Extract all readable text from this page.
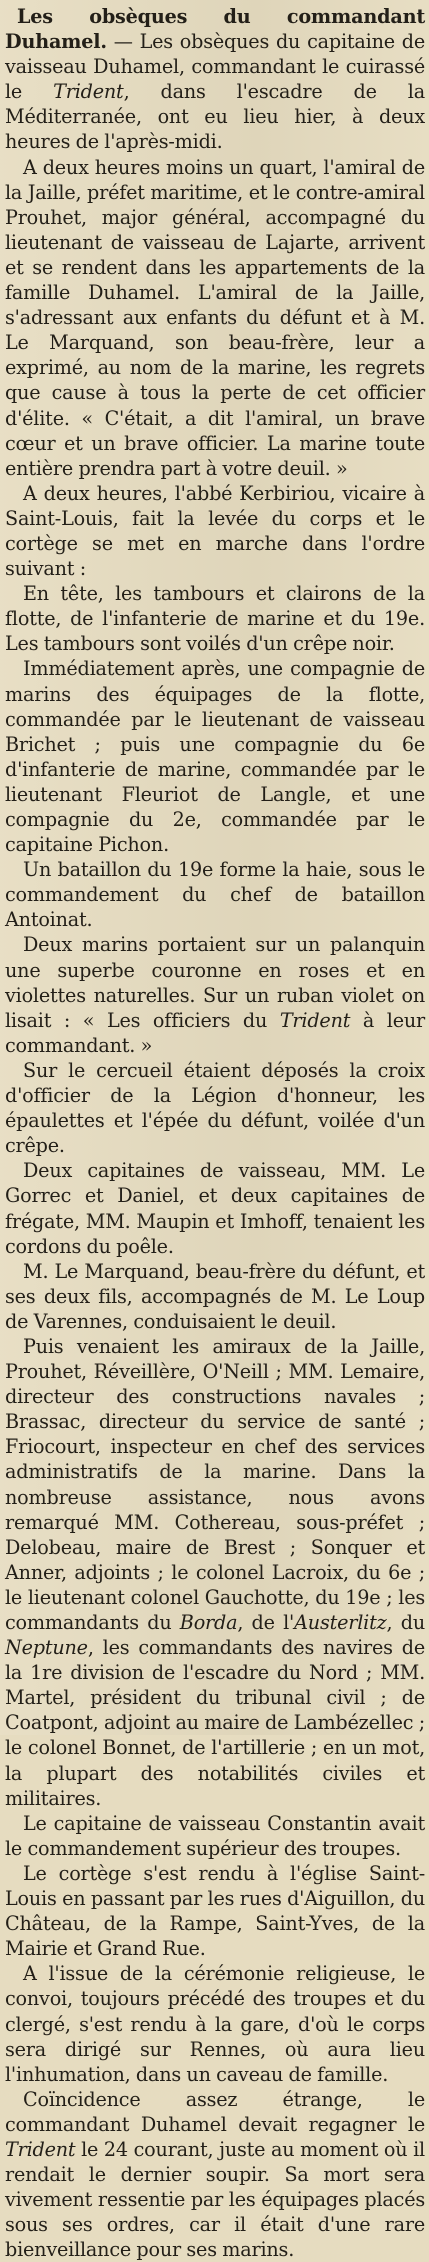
Les obsèques du commandant Duhamel. — Les obsèques du capitaine de vaisseau Duhamel, commandant le cuirassé le Trident, dans l'escadre de la Méditerranée, ont eu lieu hier, à deux heures de l'après-midi.

A deux heures moins un quart, l'amiral de la Jaille, préfet maritime, et le contre-amiral Prouhet, major général, accompagné du lieutenant de vaisseau de Lajarte, arrivent et se rendent dans les appartements de la famille Duhamel. L'amiral de la Jaille, s'adressant aux enfants du défunt et à M. Le Marquand, son beau-frère, leur a exprimé, au nom de la marine, les regrets que cause à tous la perte de cet officier d'élite. « C'était, a dit l'amiral, un brave cœur et un brave officier. La marine toute entière prendra part à votre deuil. »

A deux heures, l'abbé Kerbiriou, vicaire à Saint-Louis, fait la levée du corps et le cortège se met en marche dans l'ordre suivant :

En tête, les tambours et clairons de la flotte, de l'infanterie de marine et du 19e. Les tambours sont voilés d'un crêpe noir.

Immédiatement après, une compagnie de marins des équipages de la flotte, commandée par le lieutenant de vaisseau Brichet ; puis une compagnie du 6e d'infanterie de marine, commandée par le lieutenant Fleuriot de Langle, et une compagnie du 2e, commandée par le capitaine Pichon.

Un bataillon du 19e forme la haie, sous le commandement du chef de bataillon Antoinat.

Deux marins portaient sur un palanquin une superbe couronne en roses et en violettes naturelles. Sur un ruban violet on lisait : « Les officiers du Trident à leur commandant. »

Sur le cercueil étaient déposés la croix d'officier de la Légion d'honneur, les épaulettes et l'épée du défunt, voilée d'un crêpe.

Deux capitaines de vaisseau, MM. Le Gorrec et Daniel, et deux capitaines de frégate, MM. Maupin et Imhoff, tenaient les cordons du poêle.

M. Le Marquand, beau-frère du défunt, et ses deux fils, accompagnés de M. Le Loup de Varennes, conduisaient le deuil.

Puis venaient les amiraux de la Jaille, Prouhet, Réveillère, O'Neill ; MM. Lemaire, directeur des constructions navales ; Brassac, directeur du service de santé ; Friocourt, inspecteur en chef des services administratifs de la marine. Dans la nombreuse assistance, nous avons remarqué MM. Cothereau, sous-préfet ; Delobeau, maire de Brest ; Sonquer et Anner, adjoints ; le colonel Lacroix, du 6e ; le lieutenant colonel Gauchotte, du 19e ; les commandants du Borda, de l'Austerlitz, du Neptune, les commandants des navires de la 1re division de l'escadre du Nord ; MM. Martel, président du tribunal civil ; de Coatpont, adjoint au maire de Lambézellec ; le colonel Bonnet, de l'artillerie ; en un mot, la plupart des notabilités civiles et militaires.

Le capitaine de vaisseau Constantin avait le commandement supérieur des troupes.

Le cortège s'est rendu à l'église Saint-Louis en passant par les rues d'Aiguillon, du Château, de la Rampe, Saint-Yves, de la Mairie et Grand Rue.

A l'issue de la cérémonie religieuse, le convoi, toujours précédé des troupes et du clergé, s'est rendu à la gare, d'où le corps sera dirigé sur Rennes, où aura lieu l'inhumation, dans un caveau de famille.

Coïncidence assez étrange, le commandant Duhamel devait regagner le Trident le 24 courant, juste au moment où il rendait le dernier soupir. Sa mort sera vivement ressentie par les équipages placés sous ses ordres, car il était d'une rare bienveillance pour ses marins.
